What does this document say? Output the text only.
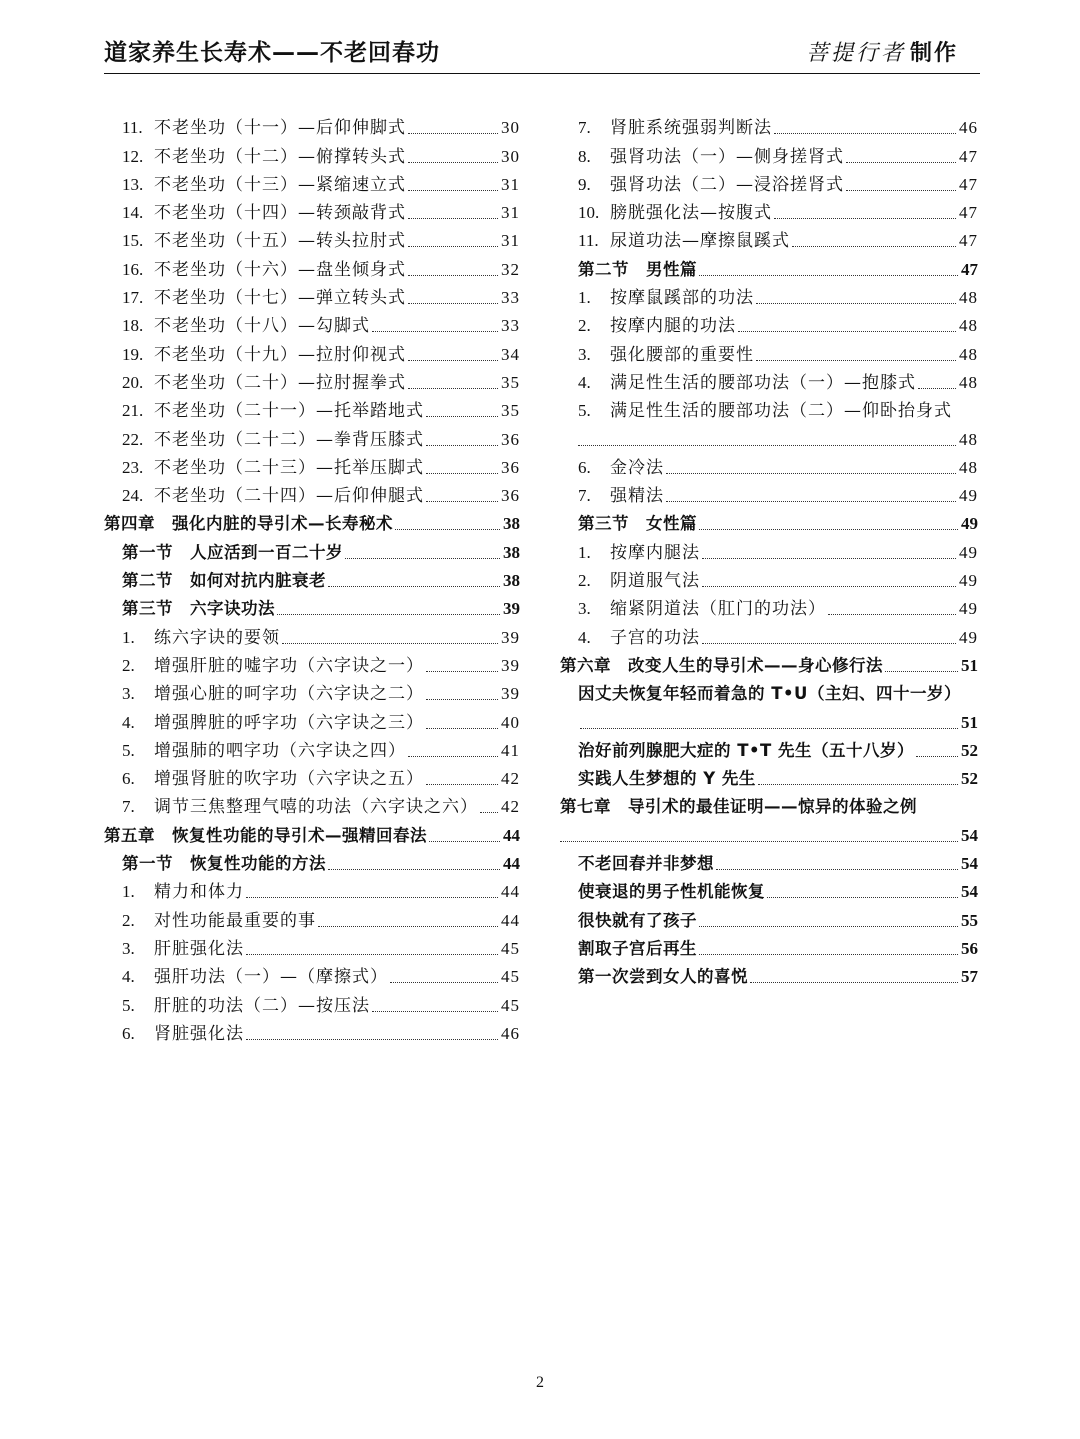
道家养生长寿术——不老回春功	菩提行者 制作
11. 不老坐功（十一）—后仰伸脚式	30
12. 不老坐功（十二）—俯撑转头式	30
13. 不老坐功（十三）—紧缩速立式	31
14. 不老坐功（十四）—转颈敲背式	31
15. 不老坐功（十五）—转头拉肘式	31
16. 不老坐功（十六）—盘坐倾身式	32
17. 不老坐功（十七）—弹立转头式	33
18. 不老坐功（十八）—勾脚式	33
19. 不老坐功（十九）—拉肘仰视式	34
20. 不老坐功（二十）—拉肘握拳式	35
21. 不老坐功（二十一）—托举踏地式	35
22. 不老坐功（二十二）—拳背压膝式	36
23. 不老坐功（二十三）—托举压脚式	36
24. 不老坐功（二十四）—后仰伸腿式	36
第四章　强化内脏的导引术—长寿秘术	38
第一节　人应活到一百二十岁	38
第二节　如何对抗内脏衰老	38
第三节　六字诀功法	39
1.	练六字诀的要领	39
2.	增强肝脏的嘘字功（六字诀之一）	39
3.	增强心脏的呵字功（六字诀之二）	39
4.	增强脾脏的呼字功（六字诀之三）	40
5.	增强肺的呬字功（六字诀之四）	41
6.	增强肾脏的吹字功（六字诀之五）	42
7.	调节三焦整理气嘻的功法（六字诀之六） 42
第五章　恢复性功能的导引术—强精回春法	44
第一节　恢复性功能的方法	44
1.	精力和体力	44
2.	对性功能最重要的事	44
3.	肝脏强化法	45
4.	强肝功法（一）—（摩擦式）	45
5.	肝脏的功法（二）—按压法	45
6.	肾脏强化法	46
7.	肾脏系统强弱判断法	46
8.	强肾功法（一）—侧身搓肾式	47
9.	强肾功法（二）—浸浴搓肾式	47
10. 膀胱强化法—按腹式	47
11. 尿道功法—摩擦鼠蹊式	47
第二节　男性篇	47
1.	按摩鼠蹊部的功法	48
2.	按摩内腿的功法	48
3.	强化腰部的重要性	48
4.	满足性生活的腰部功法（一）—抱膝式	48
5.	满足性生活的腰部功法（二）—仰卧抬身式
48
6.	金冷法	48
7.	强精法	49
第三节　女性篇	49
1.	按摩内腿法	49
2.	阴道服气法	49
3.	缩紧阴道法（肛门的功法）	49
4.	子宫的功法	49
第六章　改变人生的导引术——身心修行法	51
因丈夫恢复年轻而着急的 T•U（主妇、四十一岁）
51
治好前列腺肥大症的 T•T 先生（五十八岁）	52
实践人生梦想的 Y 先生	52
第七章　导引术的最佳证明——惊异的体验之例
54
不老回春并非梦想	54
使衰退的男子性机能恢复	54
很快就有了孩子	55
割取子宫后再生	56
第一次尝到女人的喜悦	57
2
